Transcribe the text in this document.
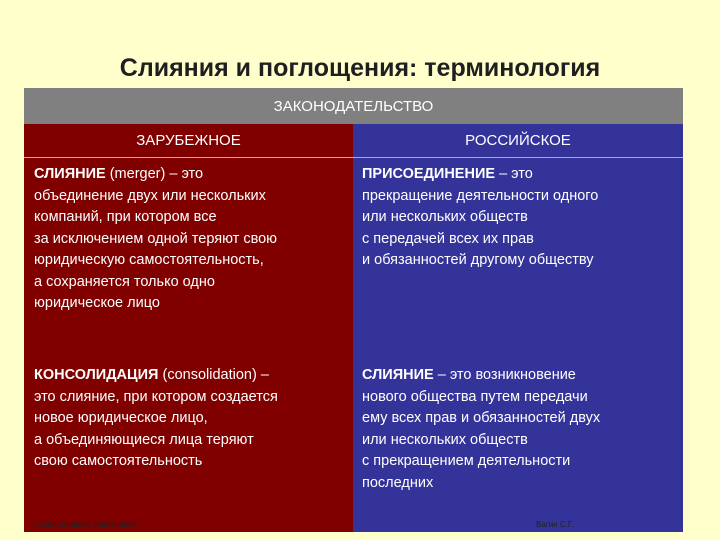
Слияния и поглощения: терминология
ЗАКОНОДАТЕЛЬСТВО
ЗАРУБЕЖНОЕ
СЛИЯНИЕ (merger) – это
объединение двух или нескольких
компаний, при котором все
за исключением одной теряют свою
юридическую самостоятельность,
а сохраняется только одно
юридическое лицо
КОНСОЛИДАЦИЯ (consolidation) –
это слияние, при котором создается
новое юридическое лицо,
а объединяющиеся лица теряют
свою самостоятельность
РОССИЙСКОЕ
ПРИСОЕДИНЕНИЕ – это
прекращение деятельности одного
или нескольких обществ
с передачей всех их прав
и обязанностей другому обществу
СЛИЯНИЕ – это возникновение
нового общества путем передачи
ему всех прав и обязанностей двух
или нескольких обществ
с прекращением деятельности
последних
Корпоративное управление	Вагин С.Г.
